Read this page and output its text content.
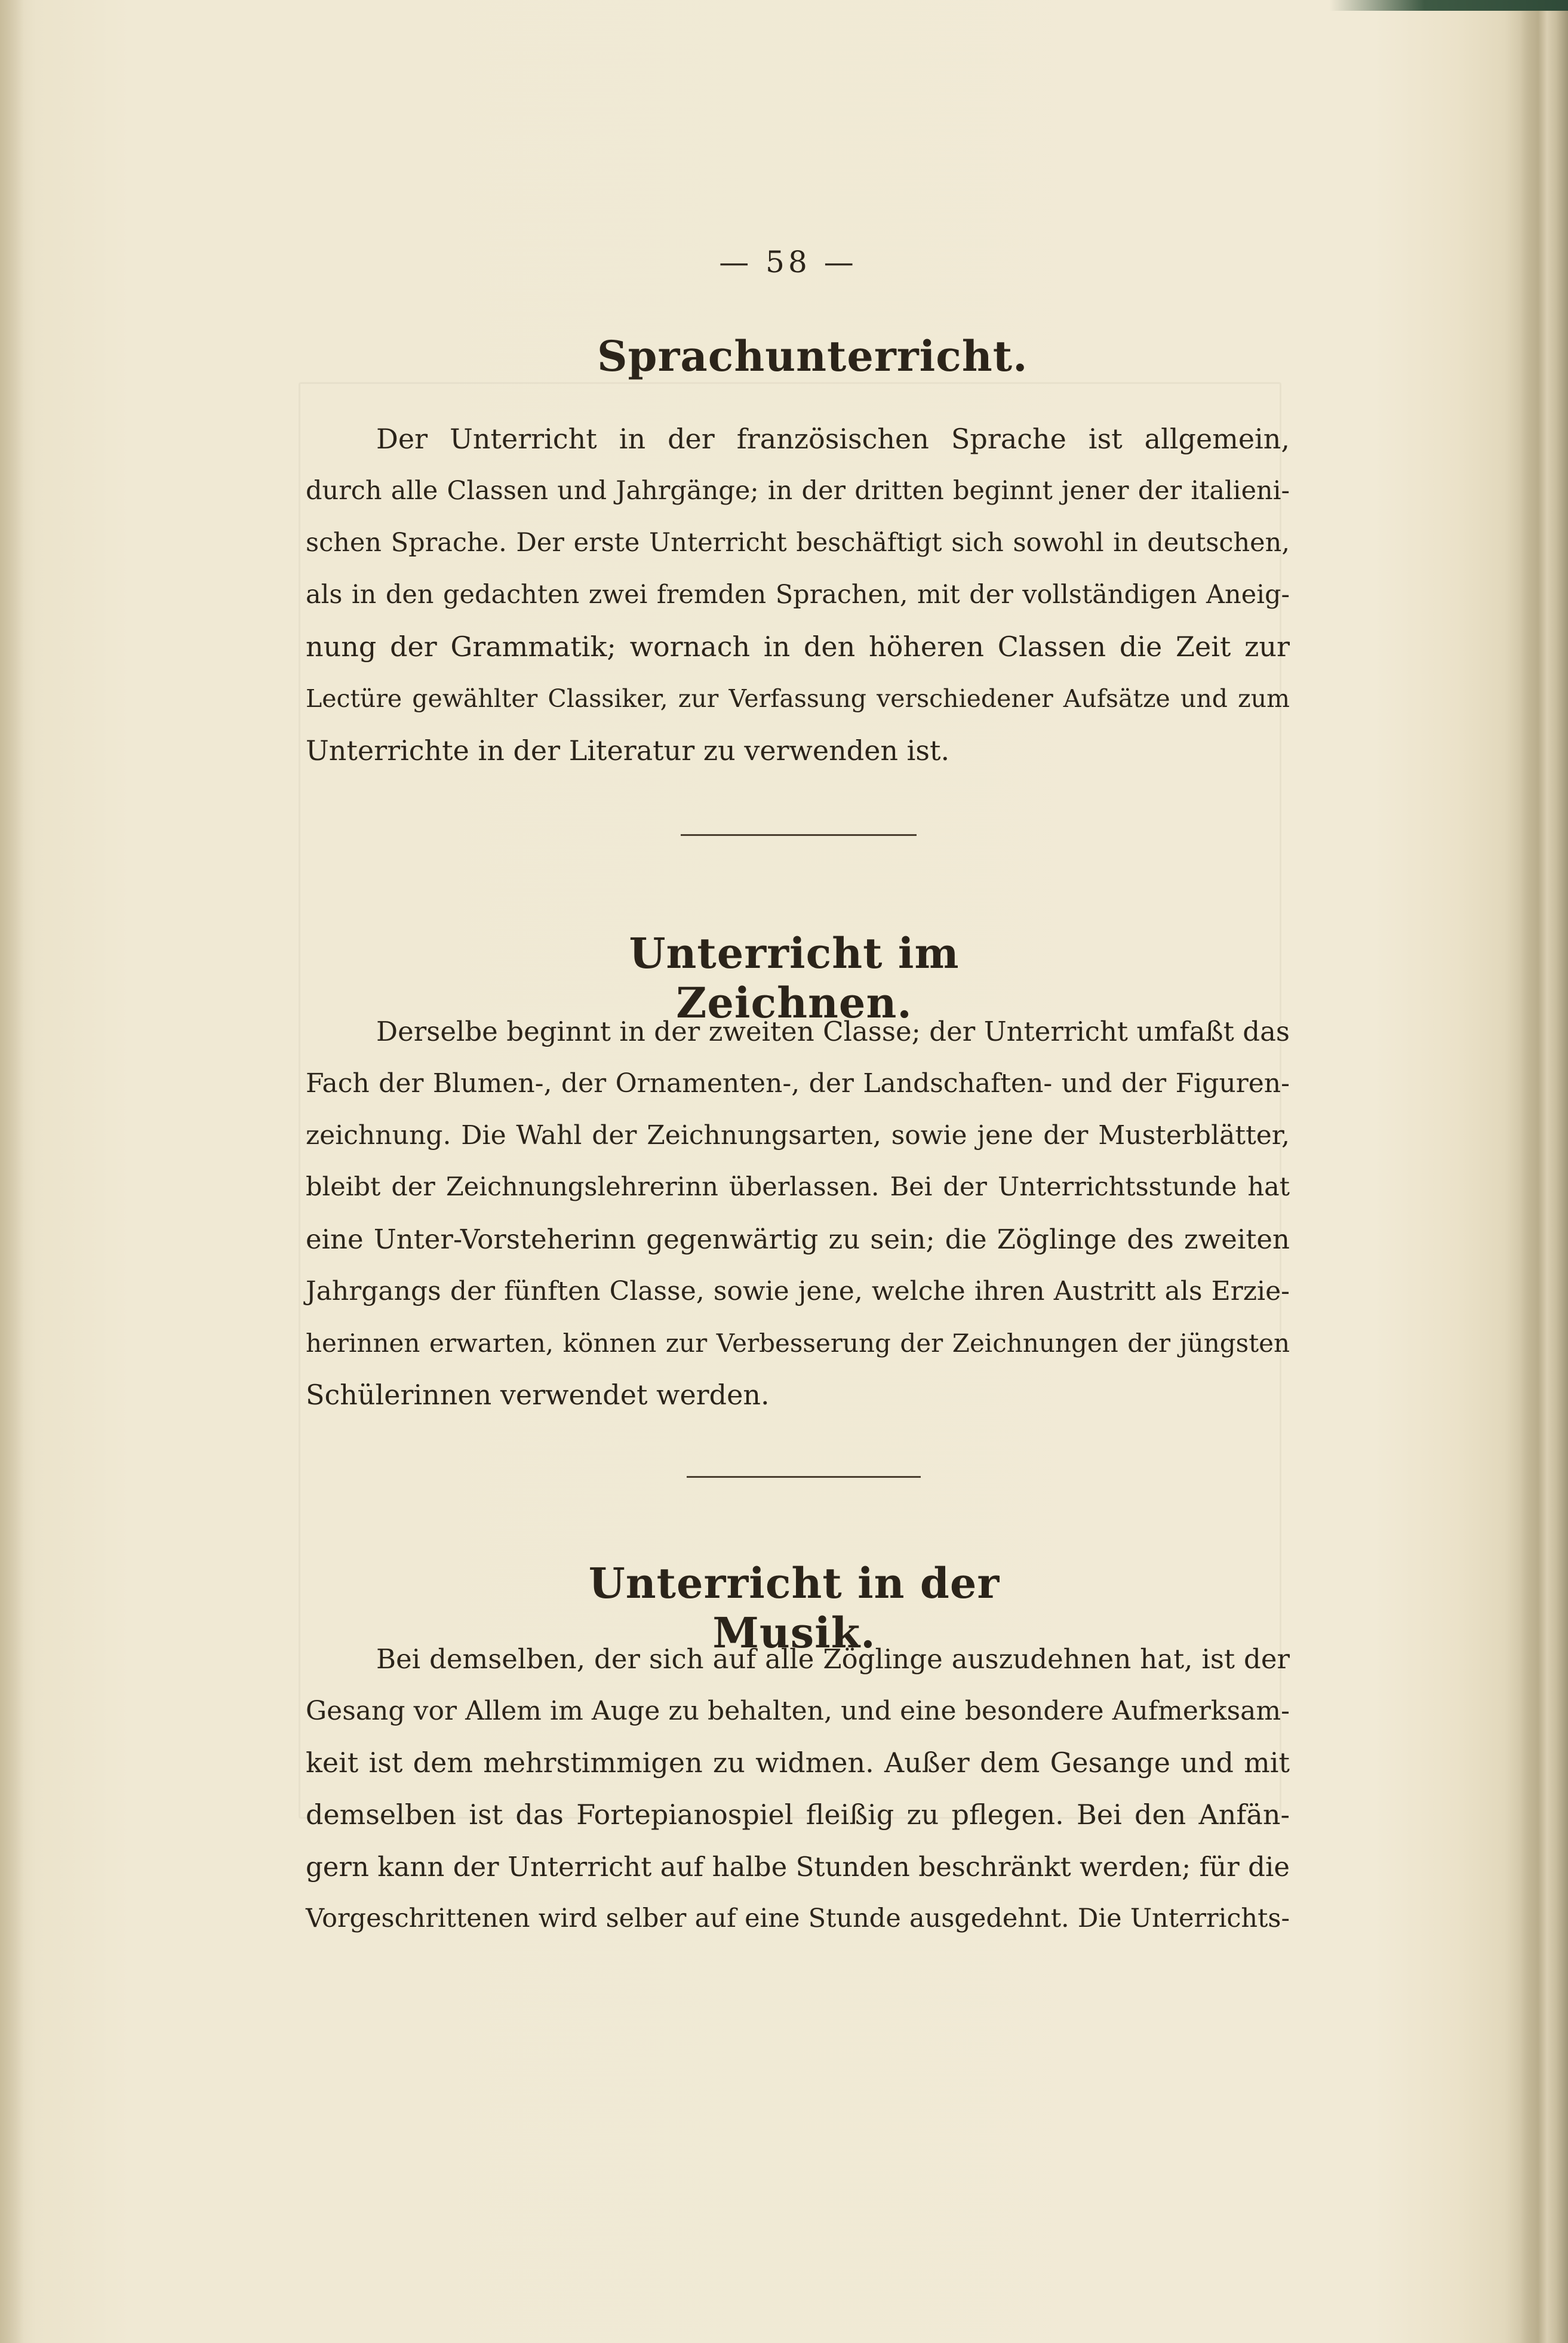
— 58 —
Sprachunterricht.
Der Unterricht in der französischen Sprache ist allgemein,
durch alle Classen und Jahrgänge; in der dritten beginnt jener der italieni-
schen Sprache. Der erste Unterricht beschäftigt sich sowohl in deutschen,
als in den gedachten zwei fremden Sprachen, mit der vollständigen Aneig-
nung der Grammatik; wornach in den höheren Classen die Zeit zur
Lectüre gewählter Classiker, zur Verfassung verschiedener Aufsätze und zum
Unterrichte in der Literatur zu verwenden ist.
Unterricht im Zeichnen.
Derselbe beginnt in der zweiten Classe; der Unterricht umfaßt das
Fach der Blumen-, der Ornamenten-, der Landschaften- und der Figuren-
zeichnung. Die Wahl der Zeichnungsarten, sowie jene der Musterblätter,
bleibt der Zeichnungslehrerinn überlassen. Bei der Unterrichtsstunde hat
eine Unter-Vorsteherinn gegenwärtig zu sein; die Zöglinge des zweiten
Jahrgangs der fünften Classe, sowie jene, welche ihren Austritt als Erzie-
herinnen erwarten, können zur Verbesserung der Zeichnungen der jüngsten
Schülerinnen verwendet werden.
Unterricht in der Musik.
Bei demselben, der sich auf alle Zöglinge auszudehnen hat, ist der
Gesang vor Allem im Auge zu behalten, und eine besondere Aufmerksam-
keit ist dem mehrstimmigen zu widmen. Außer dem Gesange und mit
demselben ist das Fortepianospiel fleißig zu pflegen. Bei den Anfän-
gern kann der Unterricht auf halbe Stunden beschränkt werden; für die
Vorgeschrittenen wird selber auf eine Stunde ausgedehnt. Die Unterrichts-
